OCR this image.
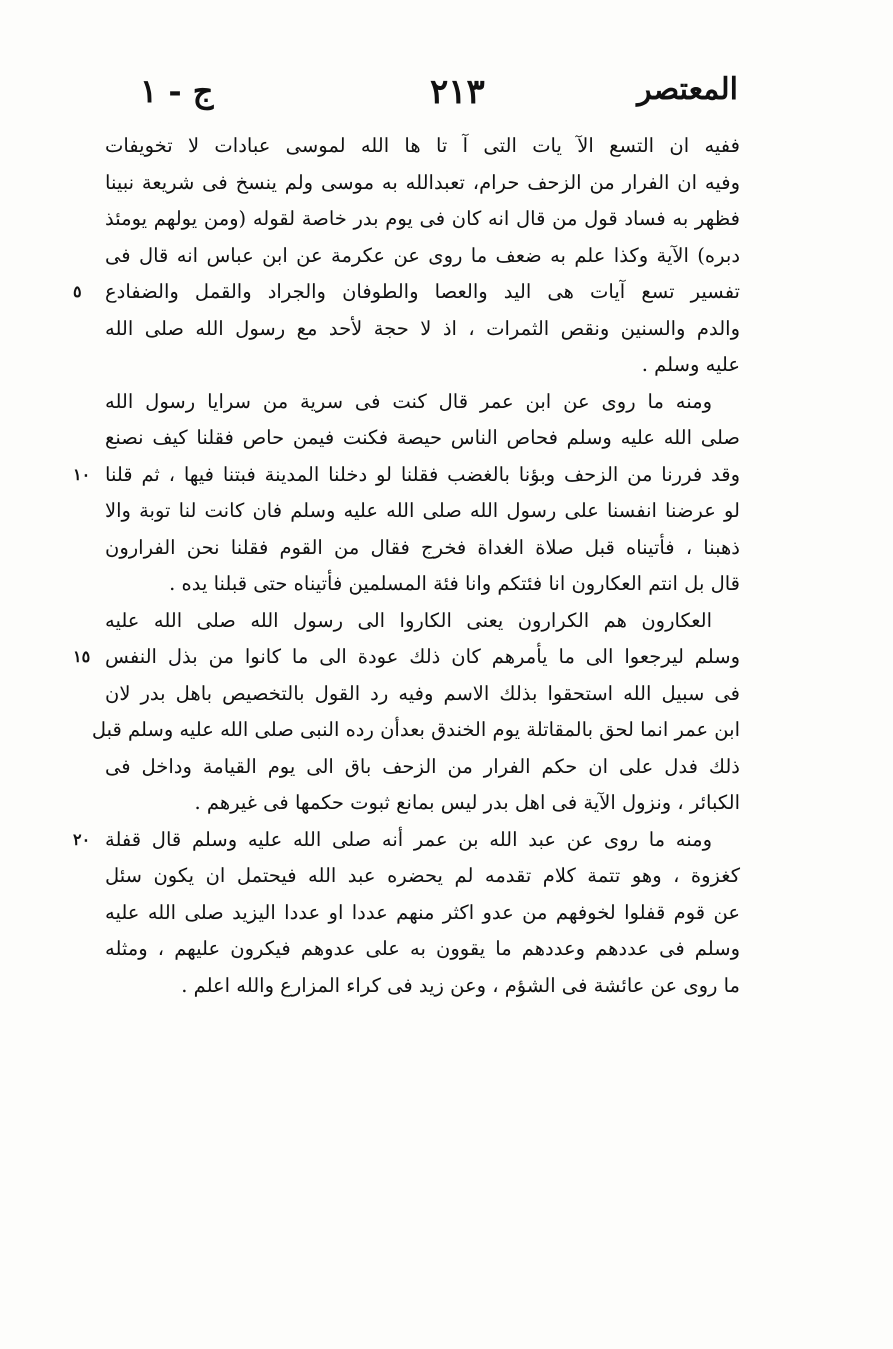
ج - ١	٢١٣	المعتصر
ففيه ان التسع الآ يات التى آ تا ها الله لموسى عبادات لا تخويفات
وفيه ان الفرار من الزحف حرام، تعبدالله به موسى ولم ينسخ فى شريعة نبينا
فظهر به فساد قول من قال انه كان فى يوم بدر خاصة لقوله (ومن يولهم يومئذ
دبره) الآية وكذا علم به ضعف ما روى عن عكرمة عن ابن عباس انه قال فى
تفسير تسع آيات هى اليد والعصا والطوفان والجراد والقمل والضفادع
٥
والدم والسنين ونقص الثمرات ، اذ لا حجة لأحد مع رسول الله صلى الله
عليه وسلم .
ومنه ما روى عن ابن عمر قال كنت فى سرية من سرايا رسول الله
صلى الله عليه وسلم فحاص الناس حيصة فكنت فيمن حاص فقلنا كيف نصنع
وقد فررنا من الزحف وبؤنا بالغضب فقلنا لو دخلنا المدينة فبتنا فيها ، ثم قلنا
١٠
لو عرضنا انفسنا على رسول الله صلى الله عليه وسلم فان كانت لنا توبة والا
ذهبنا ، فأتيناه قبل صلاة الغداة فخرج فقال من القوم فقلنا نحن الفرارون
قال بل انتم العكارون انا فئتكم وانا فئة المسلمين فأتيناه حتى قبلنا يده .
العكارون هم الكرارون يعنى الكاروا الى رسول الله صلى الله عليه
وسلم ليرجعوا الى ما يأمرهم كان ذلك عودة الى ما كانوا من بذل النفس
١٥
فى سبيل الله استحقوا بذلك الاسم وفيه رد القول بالتخصيص باهل بدر لان
ابن عمر انما لحق بالمقاتلة يوم الخندق بعدأن رده النبى صلى الله عليه وسلم قبل
ذلك فدل على ان حكم الفرار من الزحف باق الى يوم القيامة وداخل فى
الكبائر ، ونزول الآية فى اهل بدر ليس بمانع ثبوت حكمها فى غيرهم .
ومنه ما روى عن عبد الله بن عمر أنه صلى الله عليه وسلم قال قفلة
٢٠
كغزوة ، وهو تتمة كلام تقدمه لم يحضره عبد الله فيحتمل ان يكون سئل
عن قوم قفلوا لخوفهم من عدو اكثر منهم عددا او عددا اليزيد صلى الله عليه
وسلم فى عددهم وعددهم ما يقوون به على عدوهم فيكرون عليهم ، ومثله
ما روى عن عائشة فى الشؤم ، وعن زيد فى كراء المزارع والله اعلم .
